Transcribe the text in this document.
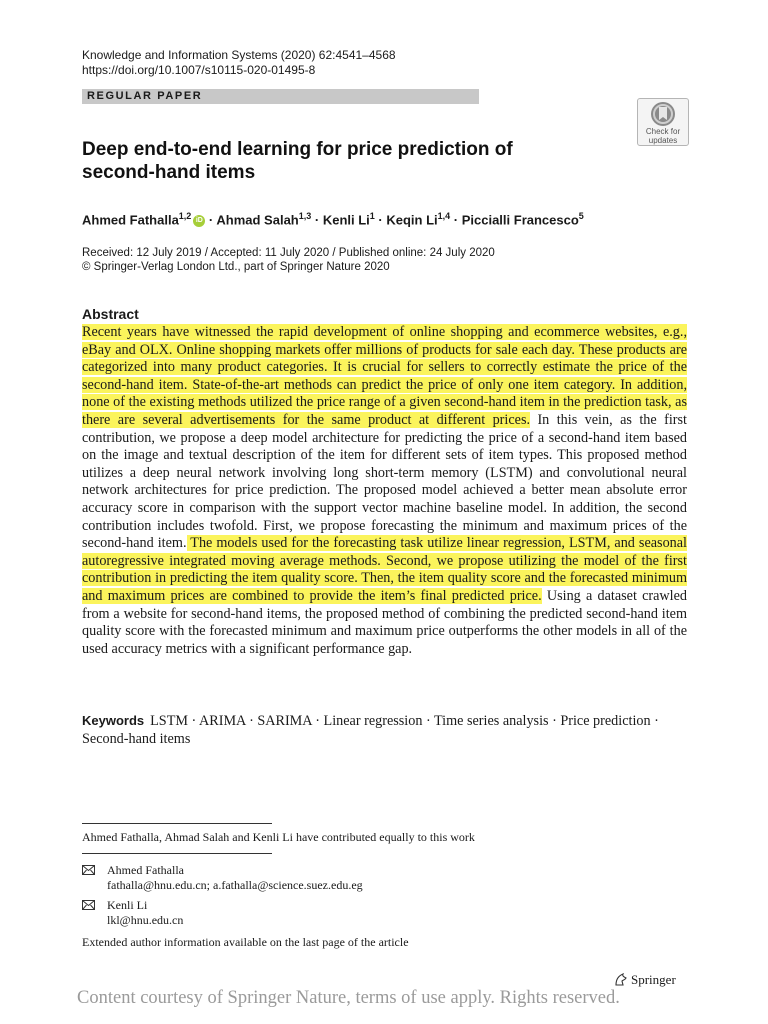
Knowledge and Information Systems (2020) 62:4541–4568
https://doi.org/10.1007/s10115-020-01495-8
REGULAR PAPER
Check for
updates
Deep end-to-end learning for price prediction of second-hand items
Ahmed Fathalla$^{1,2}$ iD · Ahmad Salah$^{1,3}$ · Kenli $Li^1$ · Keqin Li$^{1,4}$ · Piccialli Francesco$^5$
Received: 12 July 2019 / Accepted: 11 July 2020 / Published online: 24 July 2020
© Springer-Verlag London Ltd., part of Springer Nature 2020
Abstract
Recent years have witnessed the rapid development of online shopping and ecommerce websites, e.g., eBay and OLX. Online shopping markets offer millions of products for sale each day. These products are categorized into many product categories. It is crucial for sellers to correctly estimate the price of the second-hand item. State-of-the-art methods can predict the price of only one item category. In addition, none of the existing methods utilized the price range of a given second-hand item in the prediction task, as there are several advertisements for the same product at different prices. In this vein, as the first contribution, we propose a deep model architecture for predicting the price of a second-hand item based on the image and textual description of the item for different sets of item types. This proposed method utilizes a deep neural network involving long short-term memory (LSTM) and convolutional neural network architectures for price prediction. The proposed model achieved a better mean absolute error accuracy score in comparison with the support vector machine baseline model. In addition, the second contribution includes twofold. First, we propose forecasting the minimum and maximum prices of the second-hand item. The models used for the forecasting task utilize linear regression, LSTM, and seasonal autoregressive integrated moving average methods. Second, we propose utilizing the model of the first contribution in predicting the item quality score. Then, the item quality score and the forecasted minimum and maximum prices are combined to provide the item’s final predicted price. Using a dataset crawled from a website for second-hand items, the proposed method of combining the predicted second-hand item quality score with the forecasted minimum and maximum price outperforms the other models in all of the used accuracy metrics with a significant performance gap.
Keywords LSTM · ARIMA · SARIMA · Linear regression · Time series analysis · Price prediction · Second-hand items
Ahmed Fathalla, Ahmad Salah and Kenli Li have contributed equally to this work
Ahmed Fathalla
fathalla@hnu.edu.cn; a.fathalla@science.suez.edu.eg
Kenli Li
lkl@hnu.edu.cn
Extended author information available on the last page of the article
Springer
Content courtesy of Springer Nature, terms of use apply. Rights reserved.
